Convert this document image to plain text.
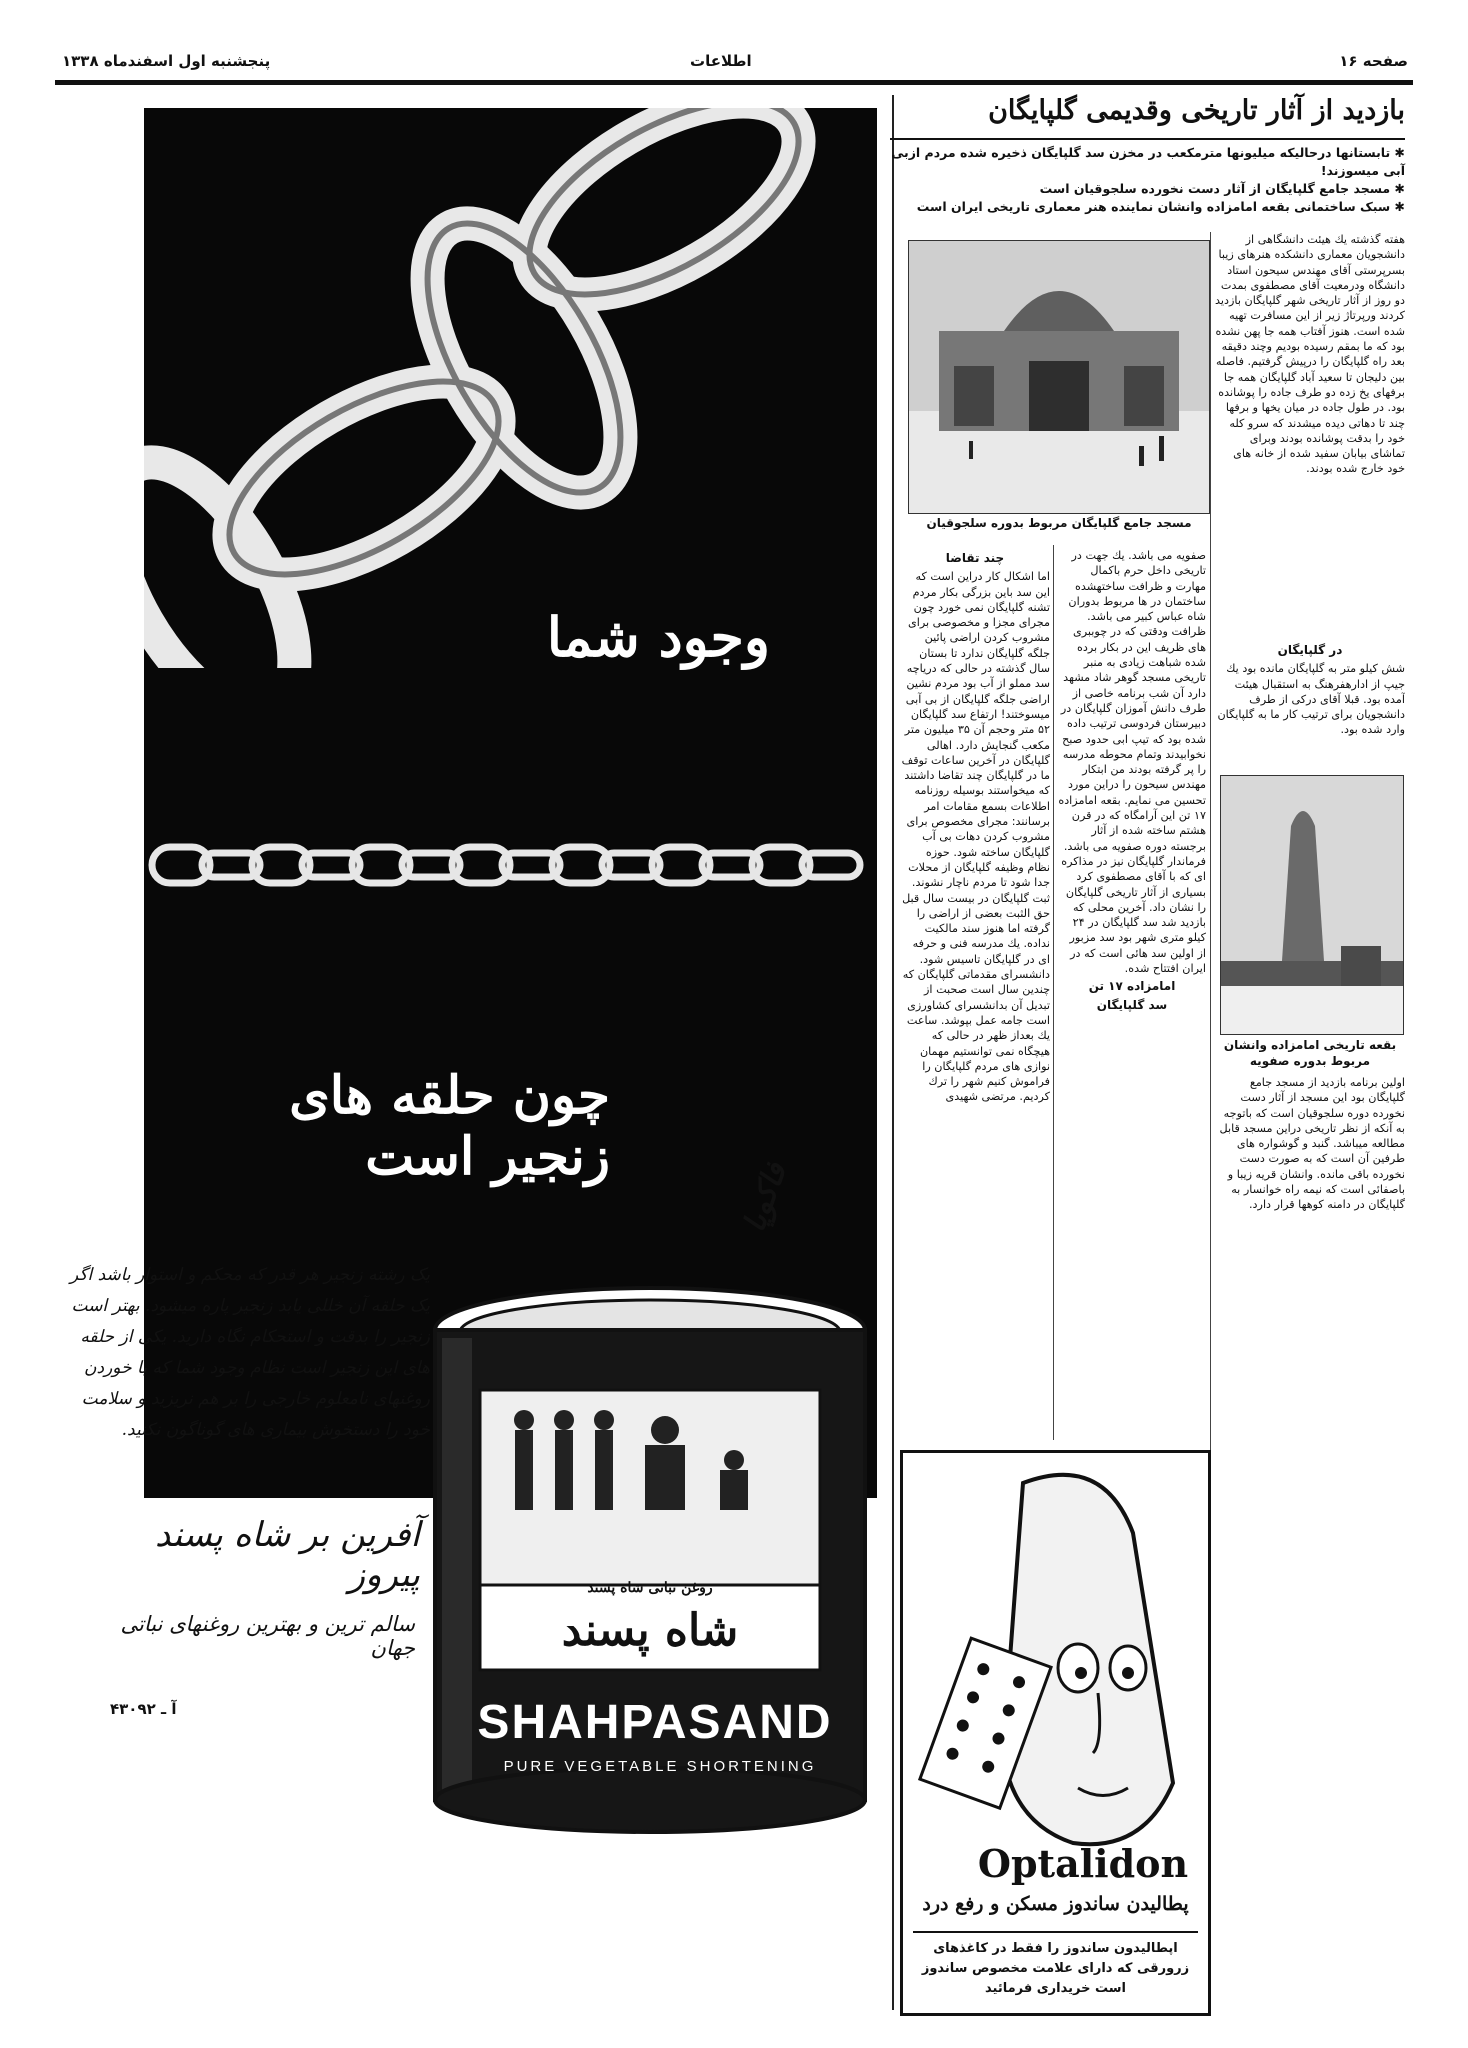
صفحه ۱۶
اطلاعات
پنجشنبه اول اسفندماه ۱۳۳۸
وجود شما
چون حلقه های زنجیر است
فاکوپا
روغن نباتی شاه پسند
شاه پسند
SHAHPASAND
PURE VEGETABLE SHORTENING
یک رشته زنجیر هر قدر که محکم و استوار باشد اگر یک حلقه آن خللی یابد زنجیر پاره میشود. بهتر است زنجیر را بدقت و استحکام نگاه دارید. یکی از حلقه های این زنجیر است نظام وجود شما که با خوردن روغنهای نامعلوم خارجی را بر هم نریزید و سلامت خود را دستخوش بیماری های گوناگون نکنید.
آفرین بر شاه پسند پیروز
سالم ترین و بهترین روغنهای نباتی جهان
آ ـ ۴۳۰۹۲
بازدید از آثار تاریخی وقدیمی گلپایگان
✱ تابستانها درحالیکه میلیونها مترمکعب در مخزن سد گلپایگان ذخیره شده مردم ازبی آبی میسوزند!
✱ مسجد جامع گلپایگان از آثار دست نخورده سلجوقیان است
✱ سبک ساختمانی بقعه امامزاده وانشان نماینده هنر معماری تاریخی ایران است
مسجد جامع گلپایگان مربوط بدوره سلجوقیان

هفته گذشته یك هیئت دانشگاهی از دانشجویان معماری دانشکده هنرهای زیبا بسرپرستی آقای مهندس سیحون استاد دانشگاه ودرمعیت آقای مصطفوی بمدت دو روز از آثار تاریخی شهر گلپایگان بازدید کردند ورپرتاژ زیر از این مسافرت تهیه شده است. هنوز آفتاب همه جا پهن نشده بود که ما بمقم رسیده بودیم وچند دقیقه بعد راه گلپایگان را درپیش گرفتیم. فاصله بین دلیجان تا سعید آباد گلپایگان همه جا برفهای یخ زده دو طرف جاده را پوشانده بود. در طول جاده در میان یخها و برفها چند تا دهاتی دیده میشدند که سرو کله خود را بدقت پوشانده بودند وبرای تماشای بیابان سفید شده از خانه های خود خارج شده بودند.

در گلپایگان

شش کیلو متر به گلپایگان مانده بود یك جیپ از ادارهفرهنگ به استقبال هیئت آمده بود. قبلا آقای درکی از طرف دانشجویان برای ترتیب کار ما به گلپایگان وارد شده بود.

بقعه تاریخی امامزاده وانشان مربوط بدوره صفویه

اولین برنامه بازدید از مسجد جامع گلپایگان بود این مسجد از آثار دست نخورده دوره سلجوقیان است که باتوجه به آنکه از نظر تاریخی دراین مسجد قابل مطالعه میباشد. گنبد و گوشواره های طرفین آن است که به صورت دست نخورده باقی مانده. وانشان قریه زیبا و باصفائی است که نیمه راه خوانسار به گلپایگان در دامنه کوهها قرار دارد.

صفویه می باشد. یك جهت در تاریخی داخل حرم باکمال مهارت و ظرافت ساختهشده ساختمان در ها مربوط بدوران شاه عباس کبیر می باشد. ظرافت ودقتی که در چوببری های ظریف این در بکار برده شده شباهت زیادی به منبر تاریخی مسجد گوهر شاد مشهد دارد آن شب برنامه خاصی از طرف دانش آموزان گلپایگان در دبیرستان فردوسی ترتیب داده شده بود که تیپ ابی حدود صبح نخوابیدند وتمام محوطه مدرسه را پر گرفته بودند من ابتکار مهندس سیحون را دراین مورد تحسین می نمایم. بقعه امامزاده ۱۷ تن این آرامگاه که در قرن هشتم ساخته شده از آثار برجسته دوره صفویه می باشد. فرماندار گلپایگان نیز در مذاکره ای که با آقای مصطفوی کرد بسیاری از آثار تاریخی گلپایگان را نشان داد. آخرین محلی که بازدید شد سد گلپایگان در ۲۴ کیلو متری شهر بود سد مزبور از اولین سد هائی است که در ایران افتتاح شده.

امامزاده ۱۷ تن
سد گلپایگان
چند تقاضا

اما اشکال کار دراین است که این سد باین بزرگی بکار مردم تشنه گلپایگان نمی خورد چون مجرای مجزا و مخصوصی برای مشروب کردن اراضی پائین جلگه گلپایگان ندارد تا بستان سال گذشته در حالی که دریاچه سد مملو از آب بود مردم نشین اراضی جلگه گلپایگان از بی آبی میسوختند! ارتفاع سد گلپایگان ۵۲ متر وحجم آن ۳۵ میلیون متر مکعب گنجایش دارد. اهالی گلپایگان در آخرین ساعات توقف ما در گلپایگان چند تقاضا داشتند که میخواستند بوسیله روزنامه اطلاعات بسمع مقامات امر برسانند: مجرای مخصوص برای مشروب کردن دهات بی آب گلپایگان ساخته شود. حوزه نظام وظیفه گلپایگان از محلات جدا شود تا مردم ناچار نشوند. ثبت گلپایگان در بیست سال قبل حق الثبت بعضی از اراضی را گرفته اما هنوز سند مالکیت نداده. یك مدرسه فنی و حرفه ای در گلپایگان تاسیس شود. دانشسرای مقدماتی گلپایگان که چندین سال است صحبت از تبدیل آن بدانشسرای کشاورزی است جامه عمل بپوشد. ساعت یك بعداز ظهر در حالی که هیچگاه نمی توانستیم مهمان نوازی های مردم گلپایگان را فراموش کنیم شهر را ترك کردیم. مرتضی شهیدی

Optalidon
پطالیدن ساندوز مسکن و رفع درد
اپطالیدون ساندوز را فقط در کاغذهای زرورقی که دارای علامت مخصوص ساندوز است خریداری فرمائید
